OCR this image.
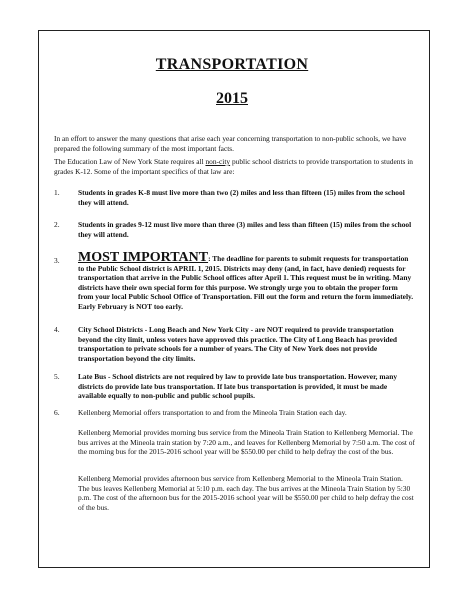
TRANSPORTATION
2015

In an effort to answer the many questions that arise each year concerning transportation to non-public schools, we have prepared the following summary of the most important facts.

The Education Law of New York State requires all non-city public school districts to provide transportation to students in grades K-12. Some of the important specifics of that law are:

1.	Students in grades K-8 must live more than two (2) miles and less than fifteen (15) miles from the school they will attend.
2.	Students in grades 9-12 must live more than three (3) miles and less than fifteen (15) miles from the school they will attend.
3.	MOST IMPORTANT: The deadline for parents to submit requests for transportation to the Public School district is APRIL 1, 2015. Districts may deny (and, in fact, have denied) requests for transportation that arrive in the Public School offices after April 1. This request must be in writing. Many districts have their own special form for this purpose. We strongly urge you to obtain the proper form from your local Public School Office of Transportation. Fill out the form and return the form immediately. Early February is NOT too early.
4.	City School Districts - Long Beach and New York City - are NOT required to provide transportation beyond the city limit, unless voters have approved this practice. The City of Long Beach has provided transportation to private schools for a number of years. The City of New York does not provide transportation beyond the city limits.
5.	Late Bus - School districts are not required by law to provide late bus transportation. However, many districts do provide late bus transportation. If late bus transportation is provided, it must be made available equally to non-public and public school pupils.
6.	Kellenberg Memorial offers transportation to and from the Mineola Train Station each day.

Kellenberg Memorial provides morning bus service from the Mineola Train Station to Kellenberg Memorial. The bus arrives at the Mineola train station by 7:20 a.m., and leaves for Kellenberg Memorial by 7:50 a.m. The cost of the morning bus for the 2015-2016 school year will be $550.00 per child to help defray the cost of the bus.

Kellenberg Memorial provides afternoon bus service from Kellenberg Memorial to the Mineola Train Station. The bus leaves Kellenberg Memorial at 5:10 p.m. each day. The bus arrives at the Mineola Train Station by 5:30 p.m. The cost of the afternoon bus for the 2015-2016 school year will be $550.00 per child to help defray the cost of the bus.
